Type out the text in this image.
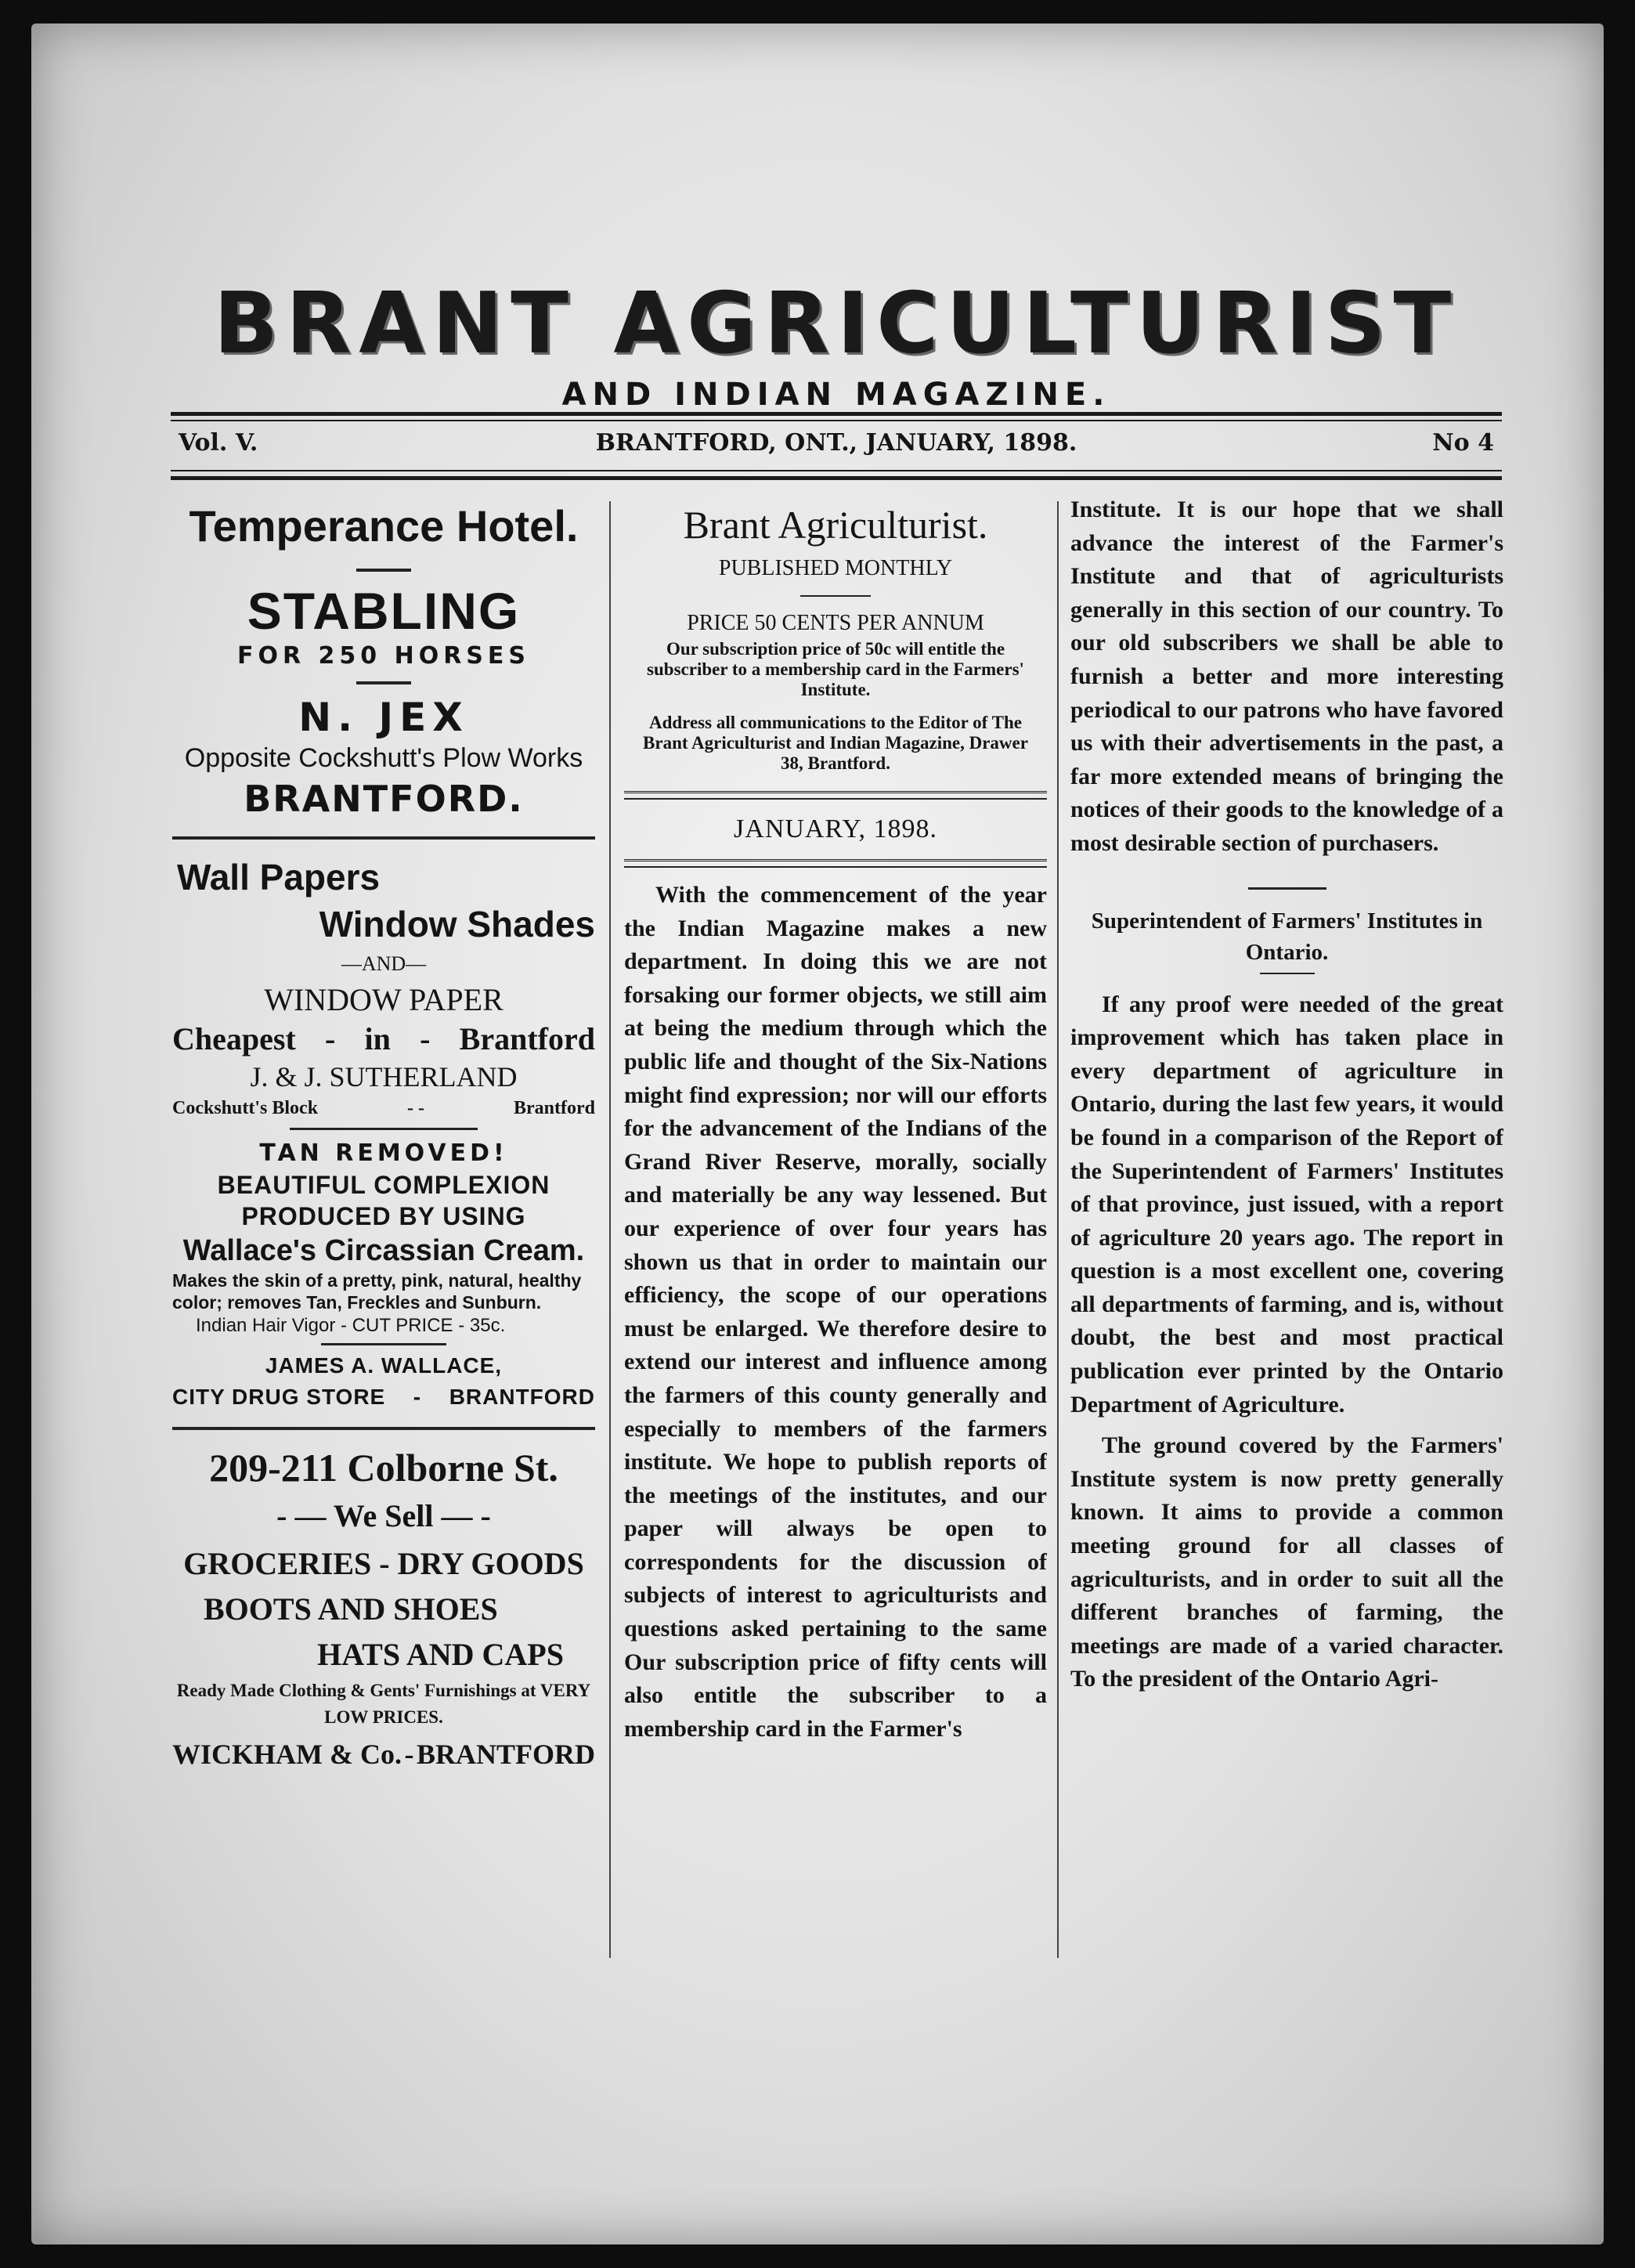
BRANT AGRICULTURIST
AND INDIAN MAGAZINE.
Vol. V.	BRANTFORD, ONT., JANUARY, 1898.	No 4
Temperance Hotel.
STABLING
FOR 250 HORSES
N. JEX
Opposite Cockshutt's Plow Works
BRANTFORD.
Wall Papers
Window Shades
—AND—
WINDOW PAPER
Cheapest - in - Brantford
J. & J. SUTHERLAND
Cockshutt's Block	- -	Brantford
TAN REMOVED!
BEAUTIFUL COMPLEXION
PRODUCED BY USING
Wallace's Circassian Cream.
Makes the skin of a pretty, pink, natural, healthy color; removes Tan, Freckles and Sunburn.
Indian Hair Vigor - CUT PRICE - 35c.
JAMES A. WALLACE,
CITY DRUG STORE - BRANTFORD
209-211 Colborne St.
- — We Sell — -
GROCERIES - DRY GOODS
BOOTS AND SHOES
HATS AND CAPS
Ready Made Clothing & Gents' Furnishings at VERY LOW PRICES.
WICKHAM & Co. - BRANTFORD
Brant Agriculturist.
PUBLISHED MONTHLY
PRICE 50 CENTS PER ANNUM
Our subscription price of 50c will entitle the subscriber to a membership card in the Farmers' Institute.
Address all communications to the Editor of The Brant Agriculturist and Indian Magazine, Drawer 38, Brantford.
JANUARY, 1898.

With the commencement of the year the Indian Magazine makes a new department. In doing this we are not forsaking our former objects, we still aim at being the medium through which the public life and thought of the Six-Nations might find expression; nor will our efforts for the advancement of the Indians of the Grand River Reserve, morally, socially and materially be any way lessened. But our experience of over four years has shown us that in order to maintain our efficiency, the scope of our operations must be enlarged. We therefore desire to extend our interest and influence among the farmers of this county generally and especially to members of the farmers institute. We hope to publish reports of the meetings of the institutes, and our paper will always be open to correspondents for the discussion of subjects of interest to agriculturists and questions asked pertaining to the same Our subscription price of fifty cents will also entitle the subscriber to a membership card in the Farmer's

Institute. It is our hope that we shall advance the interest of the Farmer's Institute and that of agriculturists generally in this section of our country. To our old subscribers we shall be able to furnish a better and more interesting periodical to our patrons who have favored us with their advertisements in the past, a far more extended means of bringing the notices of their goods to the knowledge of a most desirable section of purchasers.

Superintendent of Farmers' Institutes in Ontario.

If any proof were needed of the great improvement which has taken place in every department of agriculture in Ontario, during the last few years, it would be found in a comparison of the Report of the Superintendent of Farmers' Institutes of that province, just issued, with a report of agriculture 20 years ago. The report in question is a most excellent one, covering all departments of farming, and is, without doubt, the best and most practical publication ever printed by the Ontario Department of Agriculture.

The ground covered by the Farmers' Institute system is now pretty generally known. It aims to provide a common meeting ground for all classes of agriculturists, and in order to suit all the different branches of farming, the meetings are made of a varied character. To the president of the Ontario Agri-
